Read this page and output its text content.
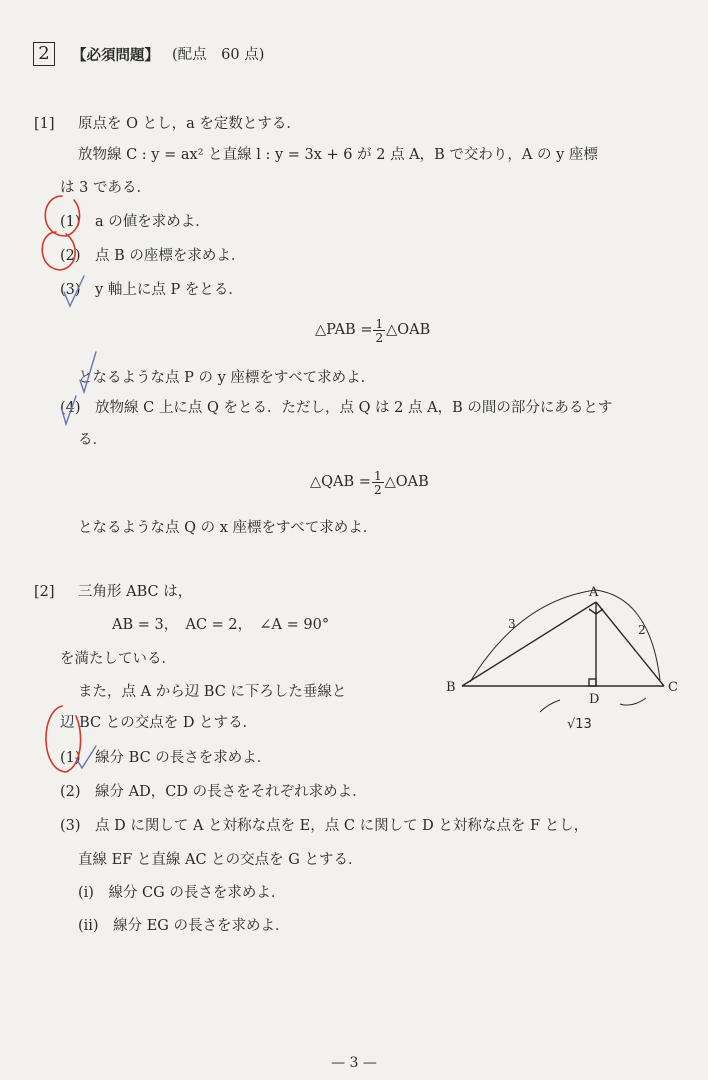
2	【必須問題】 (配点　60 点)
[1] 原点を O とし，a を定数とする．
放物線 C : y = ax² と直線 l : y = 3x + 6 が 2 点 A，B で交わり，A の y 座標
は 3 である．
(1)　a の値を求めよ．
(2)　点 B の座標を求めよ．
(3)　y 軸上に点 P をとる．
△PAB = $\frac{1}{2}$ △OAB
となるような点 P の y 座標をすべて求めよ．
(4)　放物線 C 上に点 Q をとる．ただし，点 Q は 2 点 A，B の間の部分にあるとす
る．
△QAB = $\frac{1}{2}$ △OAB
となるような点 Q の x 座標をすべて求めよ．
[2] 三角形 ABC は，
AB = 3，　AC = 2，　∠A = 90°
を満たしている．
また，点 A から辺 BC に下ろした垂線と
辺 BC との交点を D とする．
(1)　線分 BC の長さを求めよ．
(2)　線分 AD，CD の長さをそれぞれ求めよ．
(3)　点 D に関して A と対称な点を E，点 C に関して D と対称な点を F とし，
直線 EF と直線 AC との交点を G とする．
(i)　線分 CG の長さを求めよ．
(ii)　線分 EG の長さを求めよ．
A
B	C
D
3	2
√13
— 3 —
